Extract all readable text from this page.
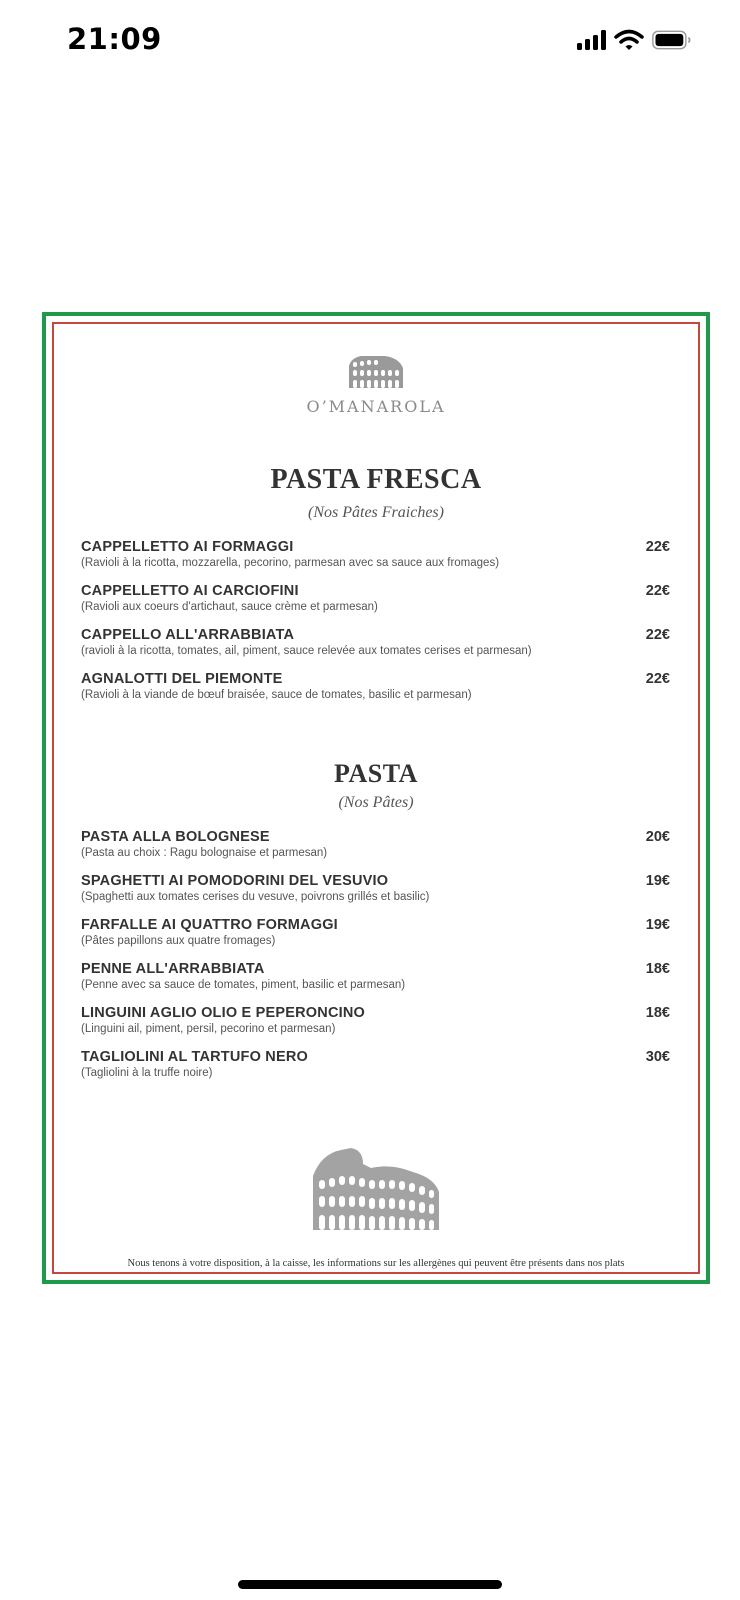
21:09
O’MANAROLA
PASTA FRESCA
(Nos Pâtes Fraiches)
CAPPELLETTO AI FORMAGGI
(Ravioli à la ricotta, mozzarella, pecorino, parmesan avec sa sauce aux fromages)
22€
CAPPELLETTO AI CARCIOFINI
(Ravioli aux coeurs d'artichaut, sauce crème et parmesan)
22€
CAPPELLO ALL'ARRABBIATA
(ravioli à la ricotta, tomates, ail, piment, sauce relevée aux tomates cerises et parmesan)
22€
AGNALOTTI DEL PIEMONTE
(Ravioli à la viande de bœuf braisée, sauce de tomates, basilic et parmesan)
22€
PASTA
(Nos Pâtes)
PASTA ALLA BOLOGNESE
(Pasta au choix : Ragu bolognaise et parmesan)
20€
SPAGHETTI AI POMODORINI DEL VESUVIO
(Spaghetti aux tomates cerises du vesuve, poivrons grillés et basilic)
19€
FARFALLE AI QUATTRO FORMAGGI
(Pâtes papillons aux quatre fromages)
19€
PENNE ALL'ARRABBIATA
(Penne avec sa sauce de tomates, piment, basilic et parmesan)
18€
LINGUINI AGLIO OLIO E PEPERONCINO
(Linguini ail, piment, persil, pecorino et parmesan)
18€
TAGLIOLINI AL TARTUFO NERO
(Tagliolini à la truffe noire)
30€
Nous tenons à votre disposition, à la caisse, les informations sur les allergènes qui peuvent être présents dans nos plats
